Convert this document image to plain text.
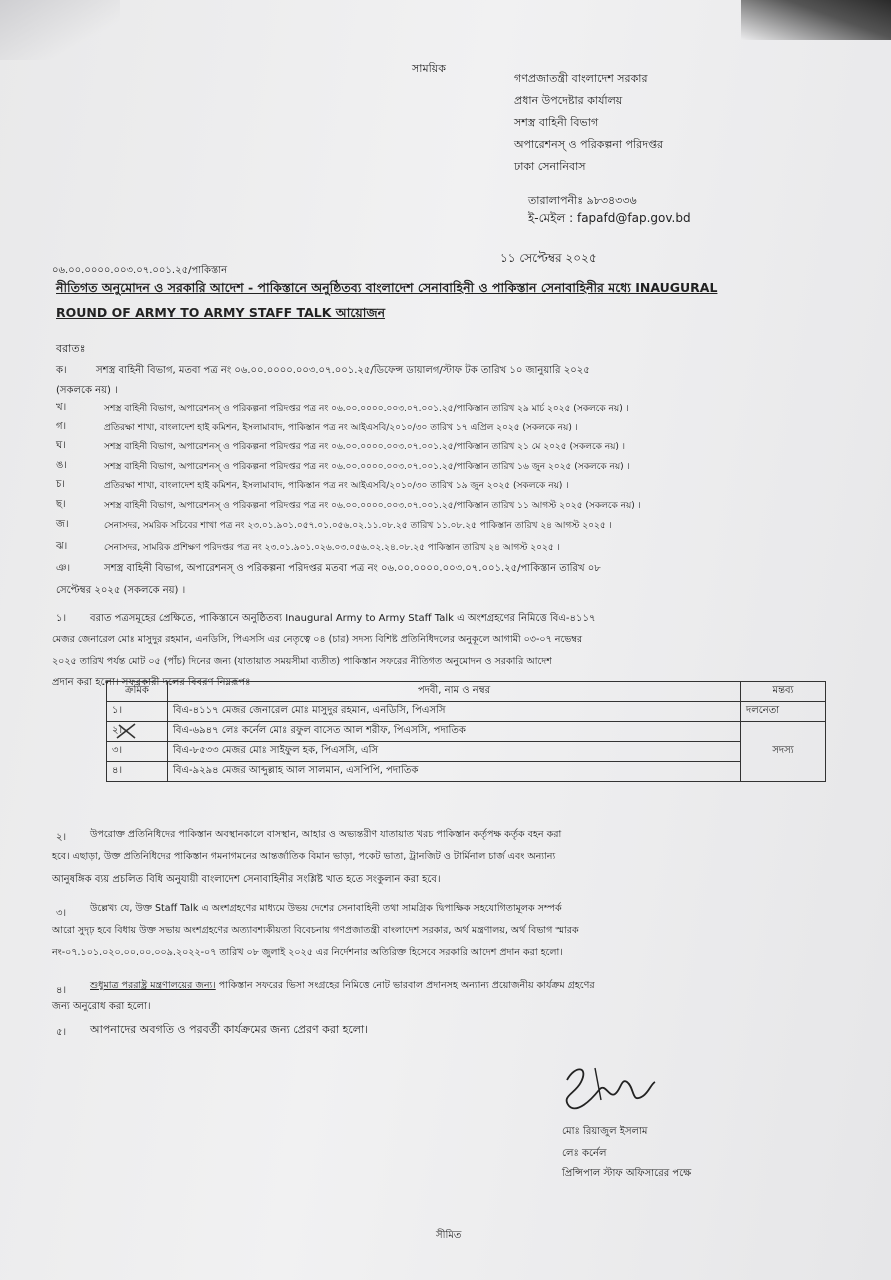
সাময়িক
গণপ্রজাতন্ত্রী বাংলাদেশ সরকার
প্রধান উপদেষ্টার কার্যালয়
সশস্ত্র বাহিনী বিভাগ
অপারেশনস্ ও পরিকল্পনা পরিদপ্তর
ঢাকা সেনানিবাস
তারালাপনীঃ ৯৮৩৪৩৩৬
ই-মেইল : fapafd@fap.gov.bd
০৬.০০.০০০০.০০৩.০৭.০০১.২৫/পাকিস্তান
১১ সেপ্টেম্বর ২০২৫
নীতিগত অনুমোদন ও সরকারি আদেশ - পাকিস্তানে অনুষ্ঠিতব্য বাংলাদেশ সেনাবাহিনী ও পাকিস্তান সেনাবাহিনীর মধ্যে INAUGURAL
ROUND OF ARMY TO ARMY STAFF TALK আয়োজন
বরাতঃ
ক।	সশস্ত্র বাহিনী বিভাগ, মতবা পত্র নং ০৬.০০.০০০০.০০৩.০৭.০০১.২৫/ডিফেন্স ডায়ালগ/স্টাফ টক তারিখ ১০ জানুয়ারি ২০২৫
(সকলকে নয়) ।
খ।	সশস্ত্র বাহিনী বিভাগ, অপারেশনস্ ও পরিকল্পনা পরিদপ্তর পত্র নং ০৬.০০.০০০০.০০৩.০৭.০০১.২৫/পাকিস্তান তারিখ ২৯ মার্চ ২০২৫ (সকলকে নয়) ।
গ।	প্রতিরক্ষা শাখা, বাংলাদেশ হাই কমিশন, ইসলামাবাদ, পাকিস্তান পত্র নং আইএসবি/২০১০/৩০ তারিখ ১৭ এপ্রিল ২০২৫ (সকলকে নয়) ।
ঘ।	সশস্ত্র বাহিনী বিভাগ, অপারেশনস্ ও পরিকল্পনা পরিদপ্তর পত্র নং ০৬.০০.০০০০.০০৩.০৭.০০১.২৫/পাকিস্তান তারিখ ২১ মে ২০২৫ (সকলকে নয়) ।
ঙ।	সশস্ত্র বাহিনী বিভাগ, অপারেশনস্ ও পরিকল্পনা পরিদপ্তর পত্র নং ০৬.০০.০০০০.০০৩.০৭.০০১.২৫/পাকিস্তান তারিখ ১৬ জুন ২০২৫ (সকলকে নয়) ।
চ।	প্রতিরক্ষা শাখা, বাংলাদেশ হাই কমিশন, ইসলামাবাদ, পাকিস্তান পত্র নং আইএসবি/২০১০/৩০ তারিখ ১৯ জুন ২০২৫ (সকলকে নয়) ।
ছ।	সশস্ত্র বাহিনী বিভাগ, অপারেশনস্ ও পরিকল্পনা পরিদপ্তর পত্র নং ০৬.০০.০০০০.০০৩.০৭.০০১.২৫/পাকিস্তান তারিখ ১১ আগস্ট ২০২৫ (সকলকে নয়) ।
জ।	সেনাসদর, সমরিক সচিবের শাখা পত্র নং ২৩.০১.৯০১.০৫৭.০১.০৫৬.০২.১১.০৮.২৫ তারিখ ১১.০৮.২৫ পাকিস্তান তারিখ ২৪ আগস্ট ২০২৫ ।
ঝ।	সেনাসদর, সামরিক প্রশিক্ষণ পরিদপ্তর পত্র নং ২৩.০১.৯০১.০২৬.০৩.০৫৬.০২.২৪.০৮.২৫ পাকিস্তান তারিখ ২৪ আগস্ট ২০২৫ ।
ঞ।	সশস্ত্র বাহিনী বিভাগ, অপারেশনস্ ও পরিকল্পনা পরিদপ্তর মতবা পত্র নং ০৬.০০.০০০০.০০৩.০৭.০০১.২৫/পাকিস্তান তারিখ ০৮
সেপ্টেম্বর ২০২৫ (সকলকে নয়) ।
১। বরাত পত্রসমূহের প্রেক্ষিতে, পাকিস্তানে অনুষ্ঠিতব্য Inaugural Army to Army Staff Talk এ অংশগ্রহণের নিমিত্তে বিএ-৪১১৭
মেজর জেনারেল মোঃ মাসুদুর রহমান, এনডিসি, পিএসসি এর নেতৃত্বে ০৪ (চার) সদস্য বিশিষ্ট প্রতিনিধিদলের অনুকূলে আগামী ০৩-০৭ নভেম্বর
২০২৫ তারিখ পর্যন্ত মোট ০৫ (পাঁচ) দিনের জন্য (যাতায়াত সময়সীমা ব্যতীত) পাকিস্তান সফরের নীতিগত অনুমোদন ও সরকারি আদেশ
প্রদান করা হলো। সফরকারী দলের বিবরণ নিম্নরূপঃ
ক্রমিক	পদবী, নাম ও নম্বর	মন্তব্য
১।	বিএ-৪১১৭ মেজর জেনারেল মোঃ মাসুদুর রহমান, এনডিসি, পিএসসি	দলনেতা
২।	বিএ-৬৯৪৭ লেঃ কর্নেল মোঃ রফুল বাসেত আল শরীফ, পিএসসি, পদাতিক	সদস্য
৩।	বিএ-৮৫৩৩ মেজর মোঃ সাইফুল হক, পিএসসি, এসি	
৪।	বিএ-৯২৯৪ মেজর আব্দুল্লাহ আল সালমান, এসপিপি, পদাতিক	
২।	উপরোক্ত প্রতিনিধিদের পাকিস্তান অবস্থানকালে বাসস্থান, আহার ও অভ্যন্তরীণ যাতায়াত খরচ পাকিস্তান কর্তৃপক্ষ কর্তৃক বহন করা
হবে। এছাড়া, উক্ত প্রতিনিধিদের পাকিস্তান গমনাগমনের আন্তর্জাতিক বিমান ভাড়া, পকেট ভাতা, ট্রানজিট ও টার্মিনাল চার্জ এবং অন্যান্য
আনুষঙ্গিক ব্যয় প্রচলিত বিধি অনুযায়ী বাংলাদেশ সেনাবাহিনীর সংশ্লিষ্ট খাত হতে সংকুলান করা হবে।
৩।	উল্লেখ্য যে, উক্ত Staff Talk এ অংশগ্রহণের মাধ্যমে উভয় দেশের সেনাবাহিনী তথা সামগ্রিক দ্বিপাক্ষিক সহযোগিতামূলক সম্পর্ক
আরো সুদৃঢ় হবে বিধায় উক্ত সভায় অংশগ্রহণের অত্যাবশ্যকীয়তা বিবেচনায় গণপ্রজাতন্ত্রী বাংলাদেশ সরকার, অর্থ মন্ত্রণালয়, অর্থ বিভাগ স্মারক
নং-০৭.১০১.০২০.০০.০০.০০৯.২০২২-০৭ তারিখ ০৮ জুলাই ২০২৫ এর নির্দেশনার অতিরিক্ত হিসেবে সরকারি আদেশ প্রদান করা হলো।
৪।	শুধুমাত্র পররাষ্ট্র মন্ত্রণালয়ের জন্য। পাকিস্তান সফরের ভিসা সংগ্রহের নিমিত্তে নোট ভারবাল প্রদানসহ অন্যান্য প্রয়োজনীয় কার্যক্রম গ্রহণের
জন্য অনুরোধ করা হলো।
৫। আপনাদের অবগতি ও পরবর্তী কার্যক্রমের জন্য প্রেরণ করা হলো।
মোঃ রিয়াজুল ইসলাম
লেঃ কর্নেল
প্রিন্সিপাল স্টাফ অফিসারের পক্ষে
সীমিত
